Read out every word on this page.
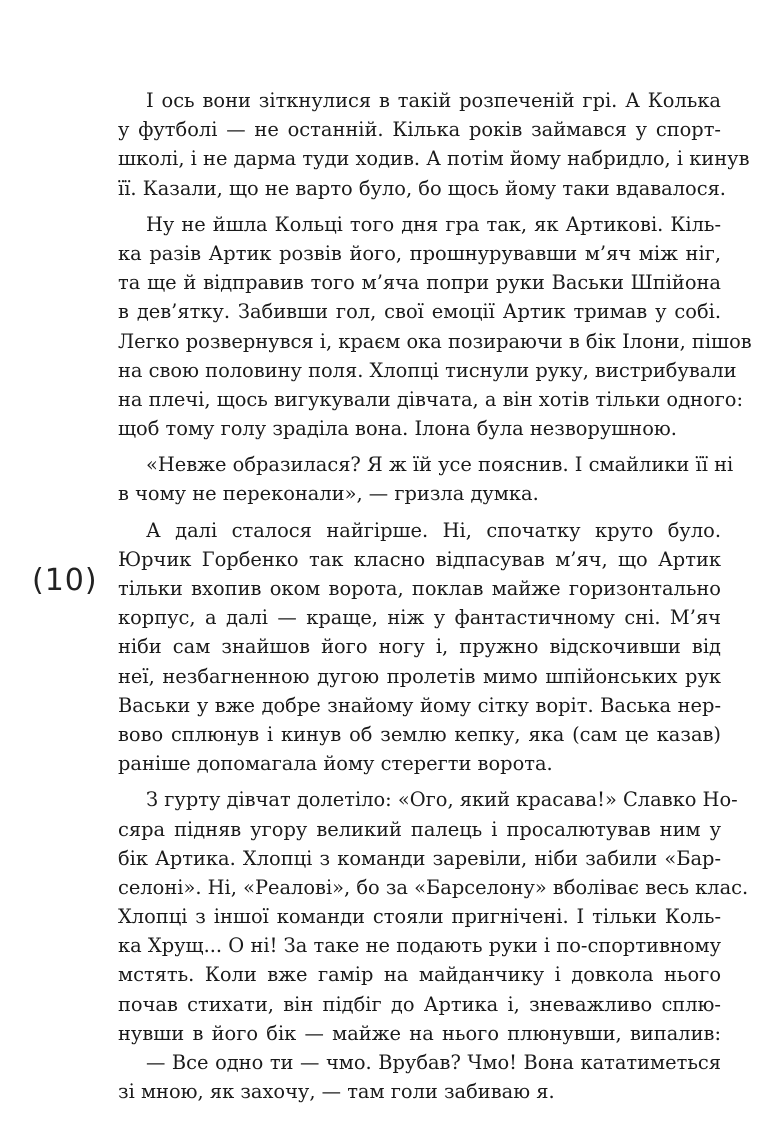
(10)
І ось вони зіткнулися в такій розпеченій грі. А Колька
у футболі — не останній. Кілька років займався у спорт-
школі, і не дарма туди ходив. А потім йому набридло, і кинув
її. Казали, що не варто було, бо щось йому таки вдавалося.
Ну не йшла Кольці того дня гра так, як Артикові. Кіль-
ка разів Артик розвів його, прошнурувавши м’яч між ніг,
та ще й відправив того м’яча попри руки Васьки Шпійона
в дев’ятку. Забивши гол, свої емоції Артик тримав у собі.
Легко розвернувся і, краєм ока позираючи в бік Ілони, пішов
на свою половину поля. Хлопці тиснули руку, вистрибували
на плечі, щось вигукували дівчата, а він хотів тільки одного:
щоб тому голу зраділа вона. Ілона була незворушною.
«Невже образилася? Я ж їй усе пояснив. І смайлики її ні
в чому не переконали», — гризла думка.
А далі сталося найгірше. Ні, спочатку круто було.
Юрчик Горбенко так класно відпасував м’яч, що Артик
тільки вхопив оком ворота, поклав майже горизонтально
корпус, а далі — краще, ніж у фантастичному сні. М’яч
ніби сам знайшов його ногу і, пружно відскочивши від
неї, незбагненною дугою пролетів мимо шпійонських рук
Васьки у вже добре знайому йому сітку воріт. Васька нер-
вово сплюнув і кинув об землю кепку, яка (сам це казав)
раніше допомагала йому стерегти ворота.
З гурту дівчат долетіло: «Ого, який красава!» Славко Но-
сяра підняв угору великий палець і просалютував ним у
бік Артика. Хлопці з команди заревіли, ніби забили «Бар-
селоні». Ні, «Реалові», бо за «Барселону» вболіває весь клас.
Хлопці з іншої команди стояли пригнічені. І тільки Коль-
ка Хрущ... О ні! За таке не подають руки і по-спортивному
мстять. Коли вже гамір на майданчику і довкола нього
почав стихати, він підбіг до Артика і, зневажливо сплю-
нувши в його бік — майже на нього плюнувши, випалив:
— Все одно ти — чмо. Врубав? Чмо! Вона кататиметься
зі мною, як захочу, — там голи забиваю я.
